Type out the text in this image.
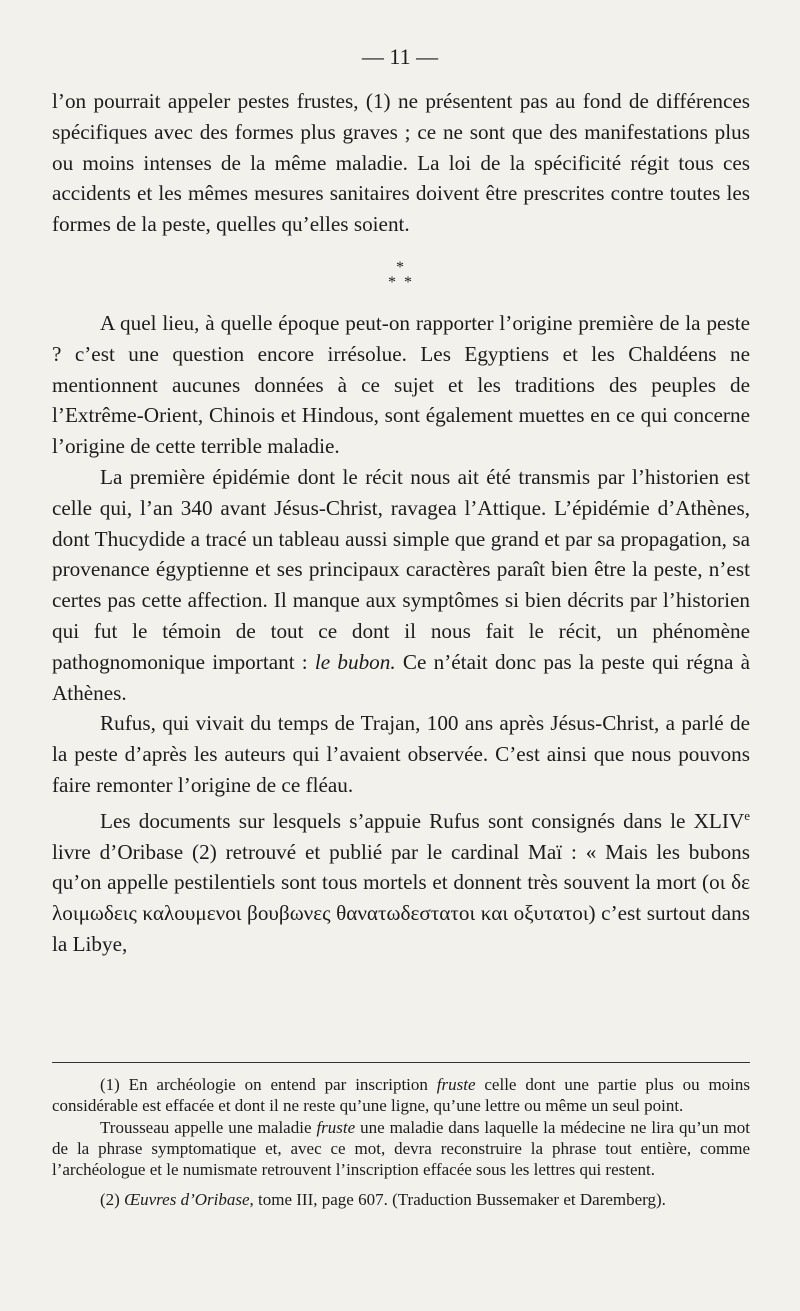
— 11 —

l’on pourrait appeler pestes frustes, (1) ne présentent pas au fond de différences spécifiques avec des formes plus graves ; ce ne sont que des manifestations plus ou moins intenses de la même maladie. La loi de la spécificité régit tous ces accidents et les mêmes mesures sanitaires doivent être prescrites contre toutes les formes de la peste, quelles qu’elles soient.

*
* *

A quel lieu, à quelle époque peut-on rapporter l’origine première de la peste ? c’est une question encore irrésolue. Les Egyptiens et les Chaldéens ne mentionnent aucunes données à ce sujet et les traditions des peuples de l’Extrême-Orient, Chinois et Hindous, sont également muettes en ce qui concerne l’origine de cette terrible maladie.

La première épidémie dont le récit nous ait été transmis par l’historien est celle qui, l’an 340 avant Jésus-Christ, ravagea l’Attique. L’épidémie d’Athènes, dont Thucydide a tracé un tableau aussi simple que grand et par sa propagation, sa provenance égyptienne et ses principaux caractères paraît bien être la peste, n’est certes pas cette affection. Il manque aux symptômes si bien décrits par l’historien qui fut le témoin de tout ce dont il nous fait le récit, un phénomène pathognomonique important : le bubon. Ce n’était donc pas la peste qui régna à Athènes.

Rufus, qui vivait du temps de Trajan, 100 ans après Jésus-Christ, a parlé de la peste d’après les auteurs qui l’avaient observée. C’est ainsi que nous pouvons faire remonter l’origine de ce fléau.

Les documents sur lesquels s’appuie Rufus sont consignés dans le XLIVe livre d’Oribase (2) retrouvé et publié par le cardinal Maï : « Mais les bubons qu’on appelle pestilentiels sont tous mortels et donnent très souvent la mort (οι δε λοιμωδεις καλουμενοι βουβωνες θανατωδεστατοι και οξυτατοι) c’est surtout dans la Libye,

(1) En archéologie on entend par inscription fruste celle dont une partie plus ou moins considérable est effacée et dont il ne reste qu’une ligne, qu’une lettre ou même un seul point.

Trousseau appelle une maladie fruste une maladie dans laquelle la médecine ne lira qu’un mot de la phrase symptomatique et, avec ce mot, devra reconstruire la phrase tout entière, comme l’archéologue et le numismate retrouvent l’inscription effacée sous les lettres qui restent.

(2) Œuvres d’Oribase, tome III, page 607. (Traduction Bussemaker et Daremberg).
